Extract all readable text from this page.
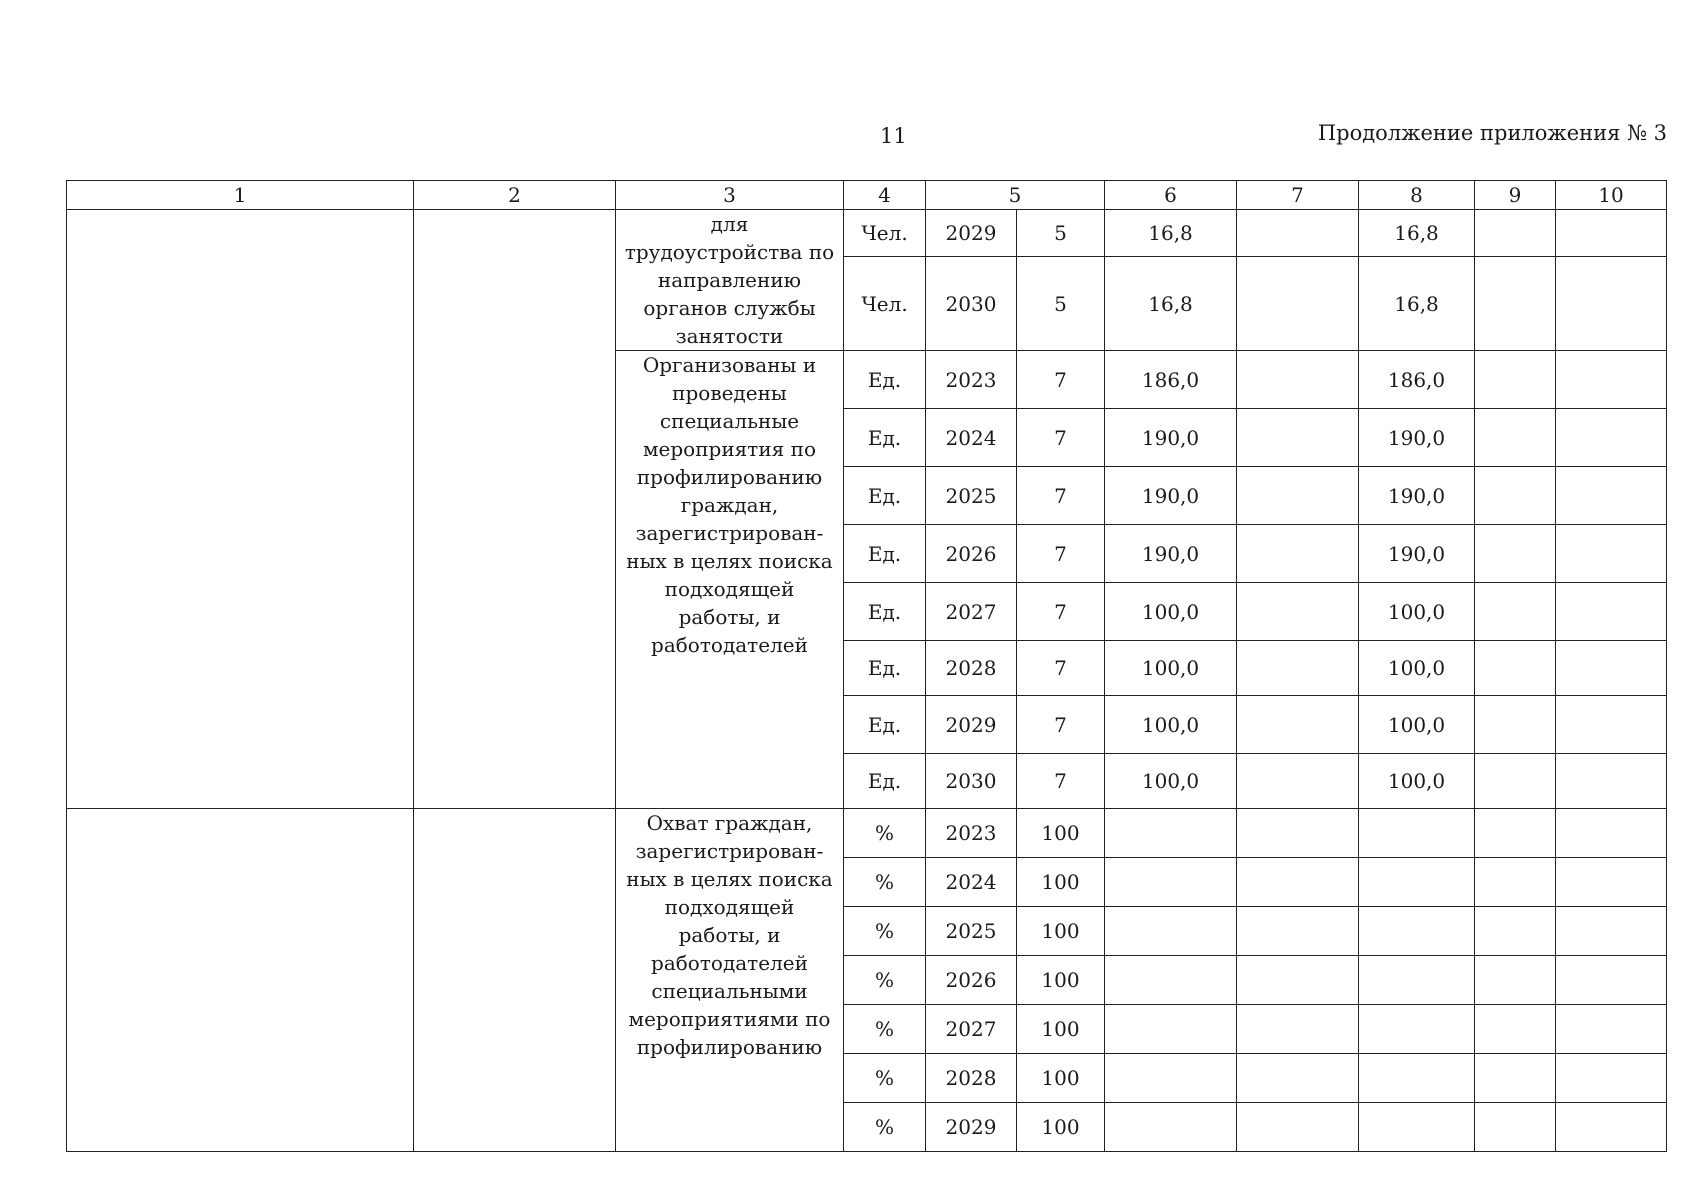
11	Продолжение приложения № 3
1	2	3	4	5		6	7	8	9	10
		для трудоустройства по направлению органов службы занятости	Чел.	2029	5	16,8		16,8		
			Чел.	2030	5	16,8		16,8		
		Организованы и проведены специальные мероприятия по профилированию граждан, зарегистрирован-ных в целях поиска подходящей работы, и работодателей	Ед.	2023	7	186,0		186,0		
			Ед.	2024	7	190,0		190,0		
			Ед.	2025	7	190,0		190,0		
			Ед.	2026	7	190,0		190,0		
			Ед.	2027	7	100,0		100,0		
			Ед.	2028	7	100,0		100,0		
			Ед.	2029	7	100,0		100,0		
			Ед.	2030	7	100,0		100,0		
		Охват граждан, зарегистрирован-ных в целях поиска подходящей работы, и работодателей специальными мероприятиями по профилированию	%	2023	100					
			%	2024	100					
			%	2025	100					
			%	2026	100					
			%	2027	100					
			%	2028	100					
			%	2029	100					
